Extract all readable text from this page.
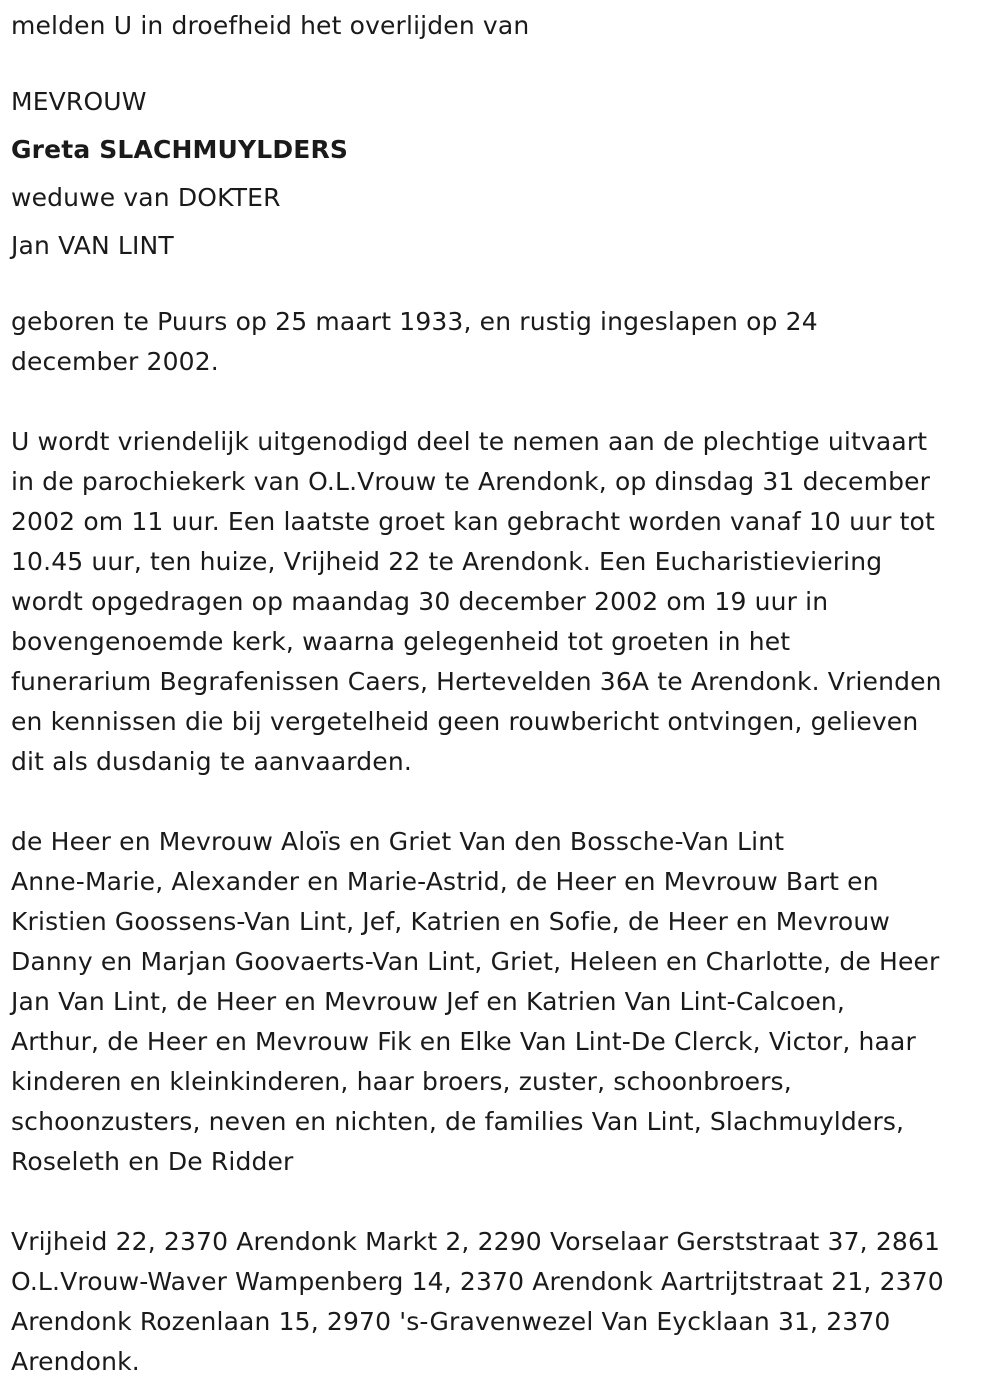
melden U in droefheid het overlijden van

MEVROUW

Greta SLACHMUYLDERS

weduwe van DOKTER

Jan VAN LINT

geboren te Puurs op 25 maart 1933, en rustig ingeslapen op 24
december 2002.

U wordt vriendelijk uitgenodigd deel te nemen aan de plechtige uitvaart
in de parochiekerk van O.L.Vrouw te Arendonk, op dinsdag 31 december
2002 om 11 uur. Een laatste groet kan gebracht worden vanaf 10 uur tot
10.45 uur, ten huize, Vrijheid 22 te Arendonk. Een Eucharistieviering
wordt opgedragen op maandag 30 december 2002 om 19 uur in
bovengenoemde kerk, waarna gelegenheid tot groeten in het
funerarium Begrafenissen Caers, Hertevelden 36A te Arendonk. Vrienden
en kennissen die bij vergetelheid geen rouwbericht ontvingen, gelieven
dit als dusdanig te aanvaarden.

de Heer en Mevrouw Aloïs en Griet Van den Bossche-Van Lint
Anne-Marie, Alexander en Marie-Astrid, de Heer en Mevrouw Bart en
Kristien Goossens-Van Lint, Jef, Katrien en Sofie, de Heer en Mevrouw
Danny en Marjan Goovaerts-Van Lint, Griet, Heleen en Charlotte, de Heer
Jan Van Lint, de Heer en Mevrouw Jef en Katrien Van Lint-Calcoen,
Arthur, de Heer en Mevrouw Fik en Elke Van Lint-De Clerck, Victor, haar
kinderen en kleinkinderen, haar broers, zuster, schoonbroers,
schoonzusters, neven en nichten, de families Van Lint, Slachmuylders,
Roseleth en De Ridder

Vrijheid 22, 2370 Arendonk Markt 2, 2290 Vorselaar Gerststraat 37, 2861
O.L.Vrouw-Waver Wampenberg 14, 2370 Arendonk Aartrijtstraat 21, 2370
Arendonk Rozenlaan 15, 2970 's-Gravenwezel Van Eycklaan 31, 2370
Arendonk.
